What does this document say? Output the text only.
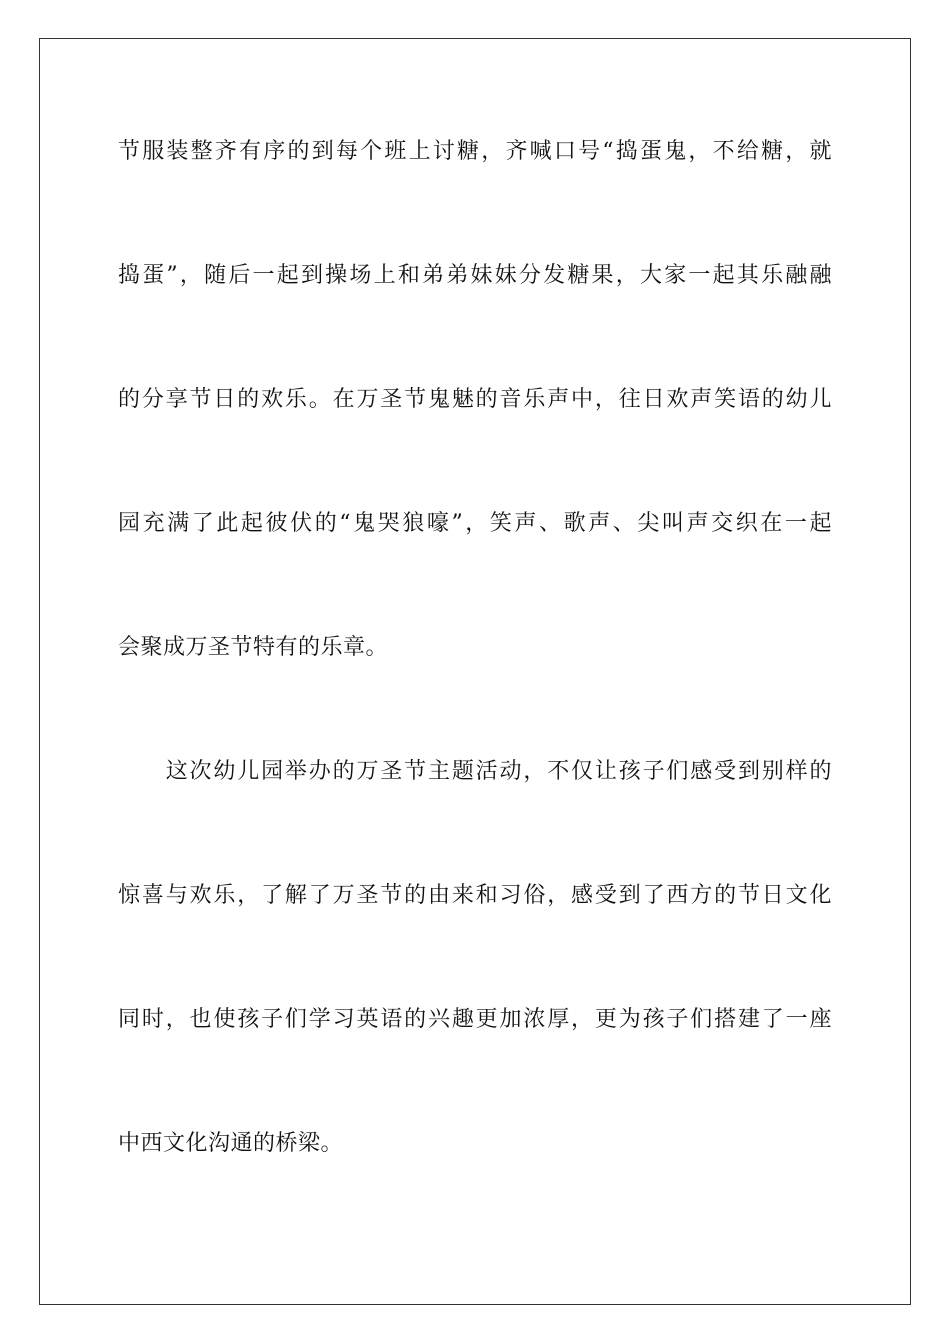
节服装整齐有序的到每个班上讨糖，齐喊口号“捣蛋鬼，不给糖，就
捣蛋”，随后一起到操场上和弟弟妹妹分发糖果，大家一起其乐融融
的分享节日的欢乐。在万圣节鬼魅的音乐声中，往日欢声笑语的幼儿
园充满了此起彼伏的“鬼哭狼嚎”，笑声、歌声、尖叫声交织在一起
会聚成万圣节特有的乐章。
　　这次幼儿园举办的万圣节主题活动，不仅让孩子们感受到别样的
惊喜与欢乐，了解了万圣节的由来和习俗，感受到了西方的节日文化
同时，也使孩子们学习英语的兴趣更加浓厚，更为孩子们搭建了一座
中西文化沟通的桥梁。
